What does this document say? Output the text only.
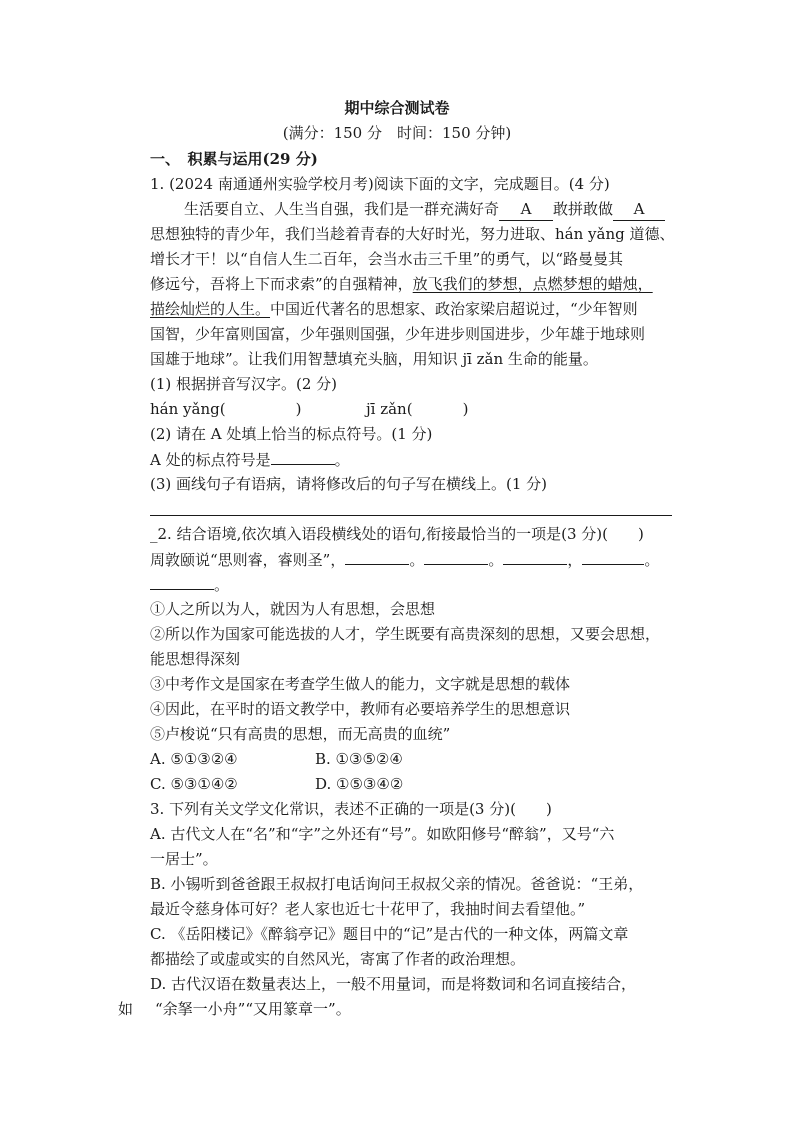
期中综合测试卷
(满分：150 分　时间：150 分钟)
一、　积累与运用(29 分)
1. (2024 南通通州实验学校月考)阅读下面的文字，完成题目。(4 分)
生活要自立、人生当自强，我们是一群充满好奇 A 敢拼敢做 A
思想独特的青少年，我们当趁着青春的大好时光，努力进取、hán yǎng 道德、
增长才干！以“自信人生二百年，会当水击三千里”的勇气，以“路曼曼其
修远兮，吾将上下而求索”的自强精神，放飞我们的梦想，点燃梦想的蜡烛，
描绘灿烂的人生。中国近代著名的思想家、政治家梁启超说过，“少年智则
国智，少年富则国富，少年强则国强，少年进步则国进步，少年雄于地球则
国雄于地球”。让我们用智慧填充头脑，用知识 jī zǎn 生命的能量。
(1) 根据拼音写汉字。(2 分)
hán yǎng(	)	jī zǎn(	)
(2) 请在 A 处填上恰当的标点符号。(1 分)
A 处的标点符号是	。
(3) 画线句子有语病，请将修改后的句子写在横线上。(1 分)
_2. 结合语境,依次填入语段横线处的语句,衔接最恰当的一项是(3 分)(　　)
周敦颐说“思则睿，睿则圣”，	。	。	，	。
。
①人之所以为人，就因为人有思想，会思想
②所以作为国家可能选拔的人才，学生既要有高贵深刻的思想，又要会思想，
能思想得深刻
③中考作文是国家在考查学生做人的能力，文字就是思想的载体
④因此，在平时的语文教学中，教师有必要培养学生的思想意识
⑤卢梭说“只有高贵的思想，而无高贵的血统”
A. ⑤①③②④	B. ①③⑤②④
C. ⑤③①④②	D. ①⑤③④②
3. 下列有关文学文化常识，表述不正确的一项是(3 分)(　　)
A. 古代文人在“名”和“字”之外还有“号”。如欧阳修号“醉翁”，又号“六
一居士”。
B. 小锡听到爸爸跟王叔叔打电话询问王叔叔父亲的情况。爸爸说：“王弟，
最近令慈身体可好？老人家也近七十花甲了，我抽时间去看望他。”
C. 《岳阳楼记》《醉翁亭记》题目中的“记”是古代的一种文体，两篇文章
都描绘了或虚或实的自然风光，寄寓了作者的政治理想。
D. 古代汉语在数量表达上，一般不用量词，而是将数词和名词直接结合，
如 “余拏一小舟”“又用篆章一”。
